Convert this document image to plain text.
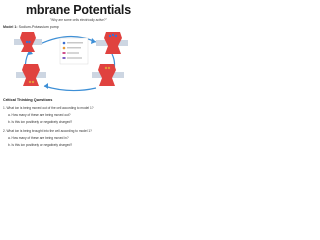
mbrane Potentials
"Why are some cells electrically active?"
Model 1: Sodium-Potassium pump
Critical Thinking Questions
1. What ion is being moved out of the cell according to model 1?
a. How many of these are being moved out?
b. Is this ion positively or negatively charged?
2. What ion is being brought into the cell according to model 1?
a. How many of these are being moved in?
b. Is this ion positively or negatively charged?
